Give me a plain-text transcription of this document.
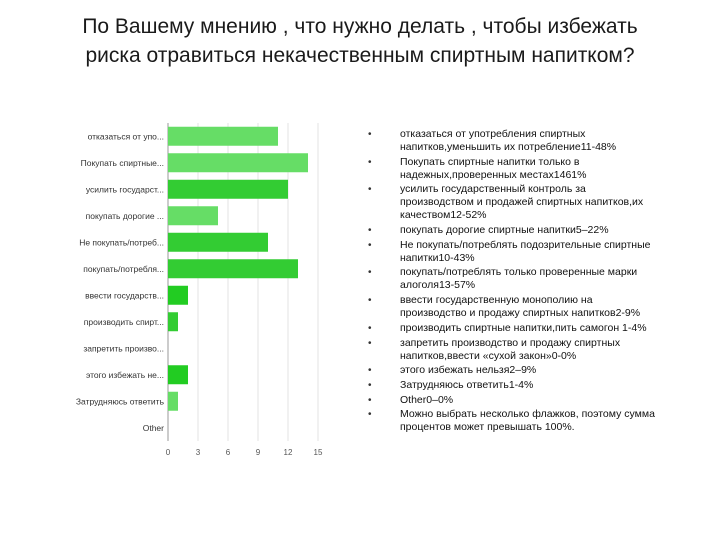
По Вашему мнению , что нужно делать , чтобы избежать
риска отравиться некачественным спиртным напитком?
отказаться от упо...
Покупать спиртные...
усилить государст...
покупать дорогие ...
Не покупать/потреб...
покупать/потребля...
ввести государств...
производить спирт...
запретить произво...
этого избежать не...
Затрудняюсь ответить
Other
0	3	6	9	12	15
•	отказаться от употребления спиртных напитков,уменьшить их потребление11-48%
•	Покупать спиртные напитки только в надежных,проверенных местах1461%
•	усилить государственный контроль за производством и продажей спиртных напитков,их качеством12-52%
•	покупать дорогие спиртные напитки5–22%
•	Не покупать/потреблять подозрительные спиртные напитки10-43%
•	покупать/потреблять только проверенные марки алоголя13-57%
•	ввести государственную монополию на производство и продажу спиртных напитков2-9%
•	производить спиртные напитки,пить самогон 1-4%
•	запретить производство и продажу спиртных напитков,ввести «сухой закон»0-0%
•	этого избежать нельзя2–9%
•	Затрудняюсь ответить1-4%
•	Other0–0%
•	Можно выбрать несколько флажков, поэтому сумма процентов может превышать 100%.
